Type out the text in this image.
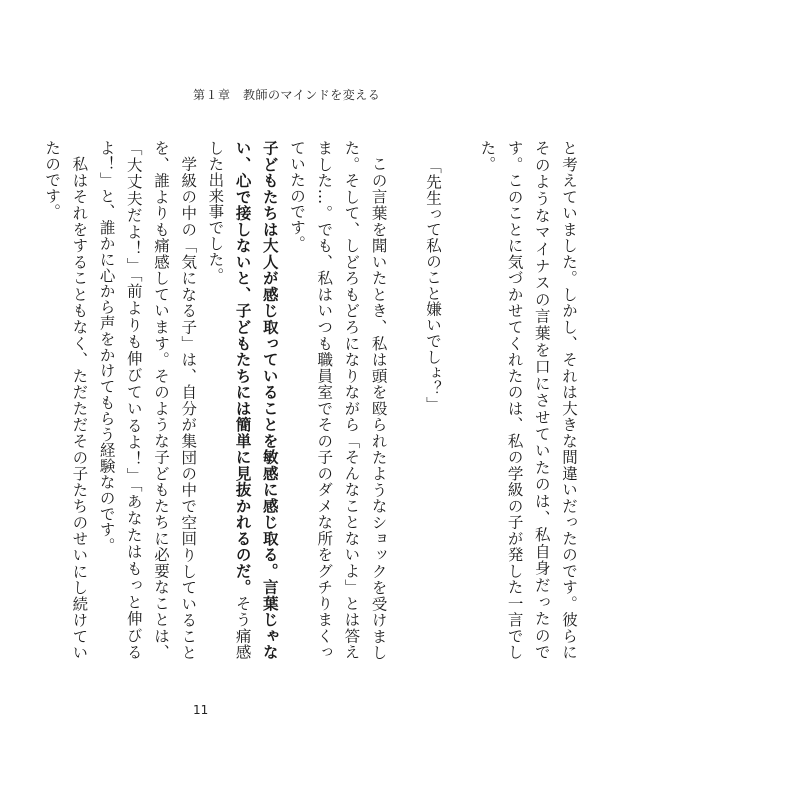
第１章　教師のマインドを変える

と考えていました。しかし、それは大きな間違いだったのです。彼らにそのようなマイナスの言葉を口にさせていたのは、私自身だったのです。このことに気づかせてくれたのは、私の学級の子が発した一言でした。

「先生って私のこと嫌いでしょ？」

この言葉を聞いたとき、私は頭を殴られたようなショックを受けました。そして、しどろもどろになりながら「そんなことないよ」とは答えました…。でも、私はいつも職員室でその子のダメな所をグチりまくっていたのです。

子どもたちは大人が感じ取っていることを敏感に感じ取る。言葉じゃない、心で接しないと、子どもたちには簡単に見抜かれるのだ。そう痛感した出来事でした。

学級の中の「気になる子」は、自分が集団の中で空回りしていることを、誰よりも痛感しています。そのような子どもたちに必要なことは、「大丈夫だよ！」「前よりも伸びているよ！」「あなたはもっと伸びるよ！」と、誰かに心から声をかけてもらう経験なのです。

私はそれをすることもなく、ただただその子たちのせいにし続けていたのです。

11
